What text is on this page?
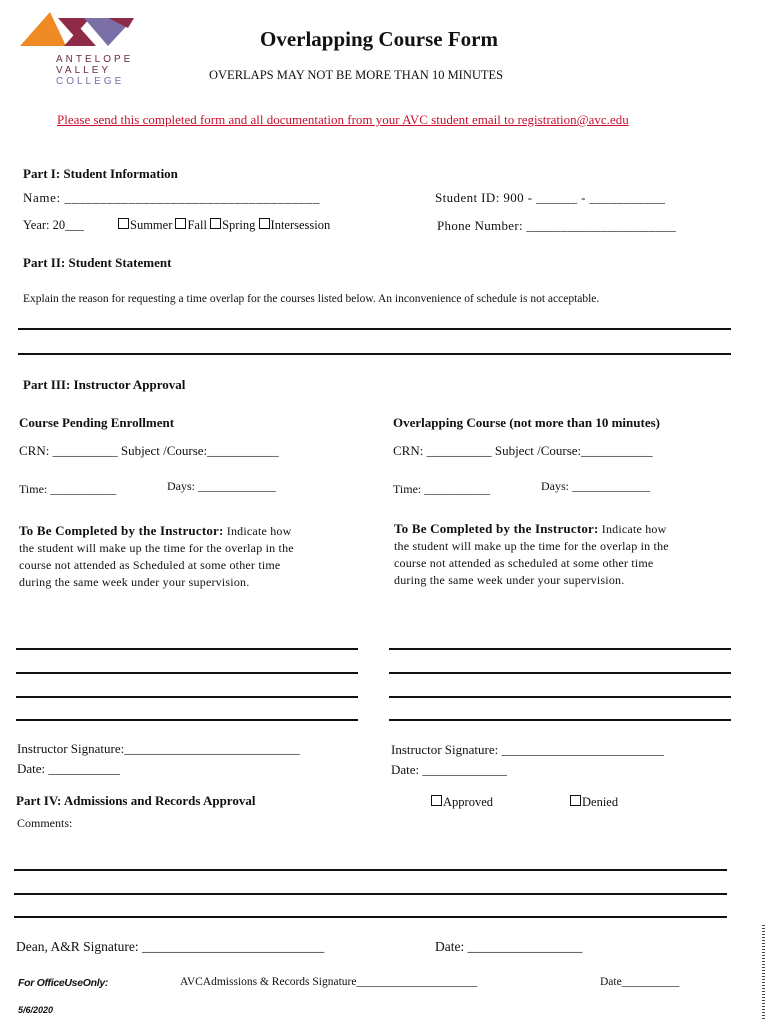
ANTELOPE
VALLEY
COLLEGE
Overlapping Course Form
OVERLAPS MAY NOT BE MORE THAN 10 MINUTES
Please send this completed form and all documentation from your AVC student email to registration@avc.edu
Part I: Student Information
Name: ____________________________________	Student ID: 900 - ______ - ___________
Year: 20___	Summer Fall Spring Intersession	Phone Number: ______________________
Part II: Student Statement
Explain the reason for requesting a time overlap for the courses listed below. An inconvenience of schedule is not acceptable.
Part III: Instructor Approval
Course Pending Enrollment
CRN: __________ Subject /Course:___________
Time: ___________	Days: _____________
To Be Completed by the Instructor: Indicate how the student will make up the time for the overlap in the course not attended as Scheduled at some other time during the same week under your supervision.
Instructor Signature:___________________________
Date: ___________
Overlapping Course (not more than 10 minutes)
CRN: __________ Subject /Course:___________
Time: ___________	Days: _____________
To Be Completed by the Instructor: Indicate how the student will make up the time for the overlap in the course not attended as scheduled at some other time during the same week under your supervision.
Instructor Signature: _________________________
Date: _____________
Part IV: Admissions and Records Approval	Approved	Denied
Comments:
Dean, A&R Signature: ___________________________	Date: _________________
For OfficeUseOnly:	AVCAdmissions & Records Signature_____________________	Date__________
5/6/2020
